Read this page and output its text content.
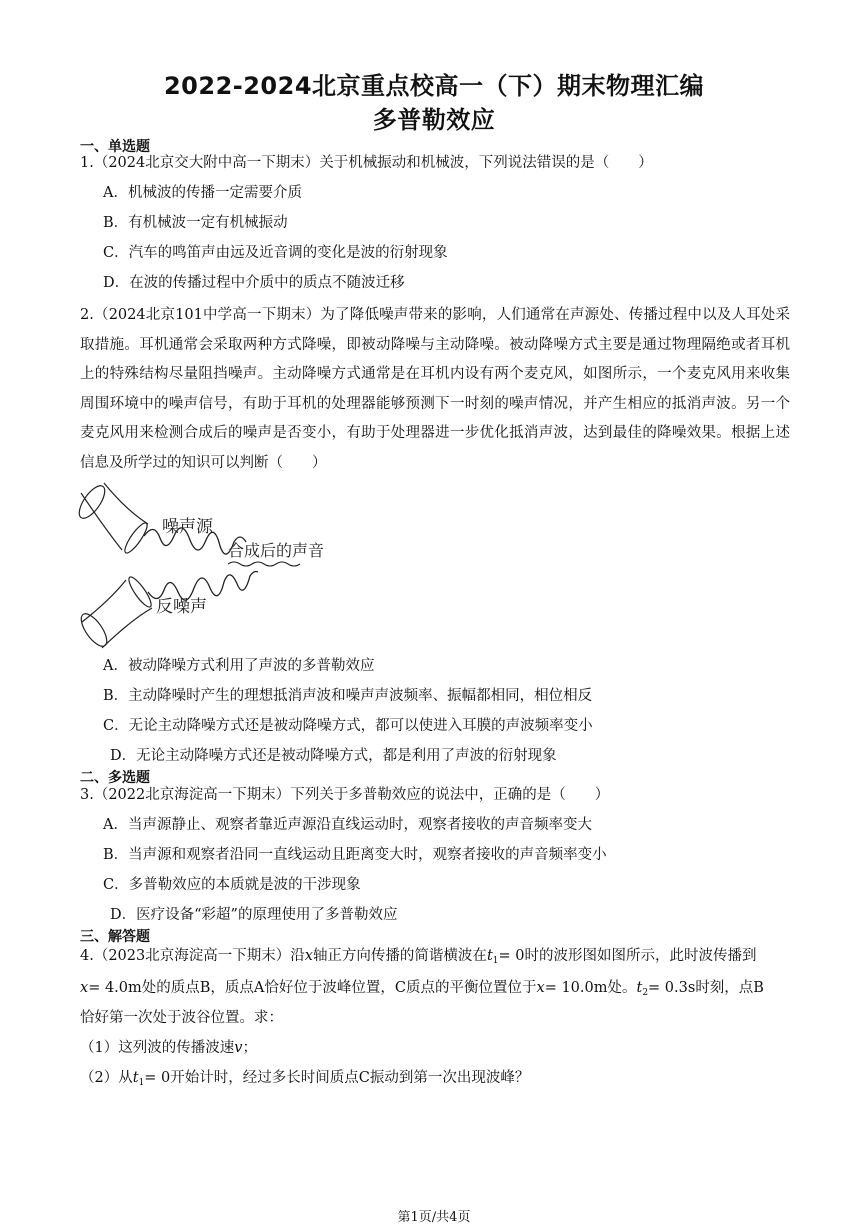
2022-2024北京重点校高一（下）期末物理汇编
多普勒效应
一、单选题
1.（2024北京交大附中高一下期末）关于机械振动和机械波，下列说法错误的是（　　）
A．机械波的传播一定需要介质
B．有机械波一定有机械振动
C．汽车的鸣笛声由远及近音调的变化是波的衍射现象
D．在波的传播过程中介质中的质点不随波迁移
2.（2024北京101中学高一下期末）为了降低噪声带来的影响，人们通常在声源处、传播过程中以及人耳处采取措施。耳机通常会采取两种方式降噪，即被动降噪与主动降噪。被动降噪方式主要是通过物理隔绝或者耳机上的特殊结构尽量阻挡噪声。主动降噪方式通常是在耳机内设有两个麦克风，如图所示，一个麦克风用来收集周围环境中的噪声信号，有助于耳机的处理器能够预测下一时刻的噪声情况，并产生相应的抵消声波。另一个麦克风用来检测合成后的噪声是否变小，有助于处理器进一步优化抵消声波，达到最佳的降噪效果。根据上述信息及所学过的知识可以判断（　　）
噪声源
反噪声
合成后的声音
A．被动降噪方式利用了声波的多普勒效应
B．主动降噪时产生的理想抵消声波和噪声声波频率、振幅都相同，相位相反
C．无论主动降噪方式还是被动降噪方式，都可以使进入耳膜的声波频率变小
D．无论主动降噪方式还是被动降噪方式，都是利用了声波的衍射现象
二、多选题
3.（2022北京海淀高一下期末）下列关于多普勒效应的说法中，正确的是（　　）
A．当声源静止、观察者靠近声源沿直线运动时，观察者接收的声音频率变大
B．当声源和观察者沿同一直线运动且距离变大时，观察者接收的声音频率变小
C．多普勒效应的本质就是波的干涉现象
D．医疗设备“彩超”的原理使用了多普勒效应
三、解答题
4.（2023北京海淀高一下期末）沿x轴正方向传播的简谐横波在$t_1= 0$时的波形图如图所示，此时波传播到
x= 4.0m处的质点B，质点A恰好位于波峰位置，C质点的平衡位置位于x= 10.0m处。$t_2= 0.3s$时刻，点B
恰好第一次处于波谷位置。求：
（1）这列波的传播波速v；
（2）从$t_1= 0$开始计时，经过多长时间质点C振动到第一次出现波峰？
第1页/共4页
